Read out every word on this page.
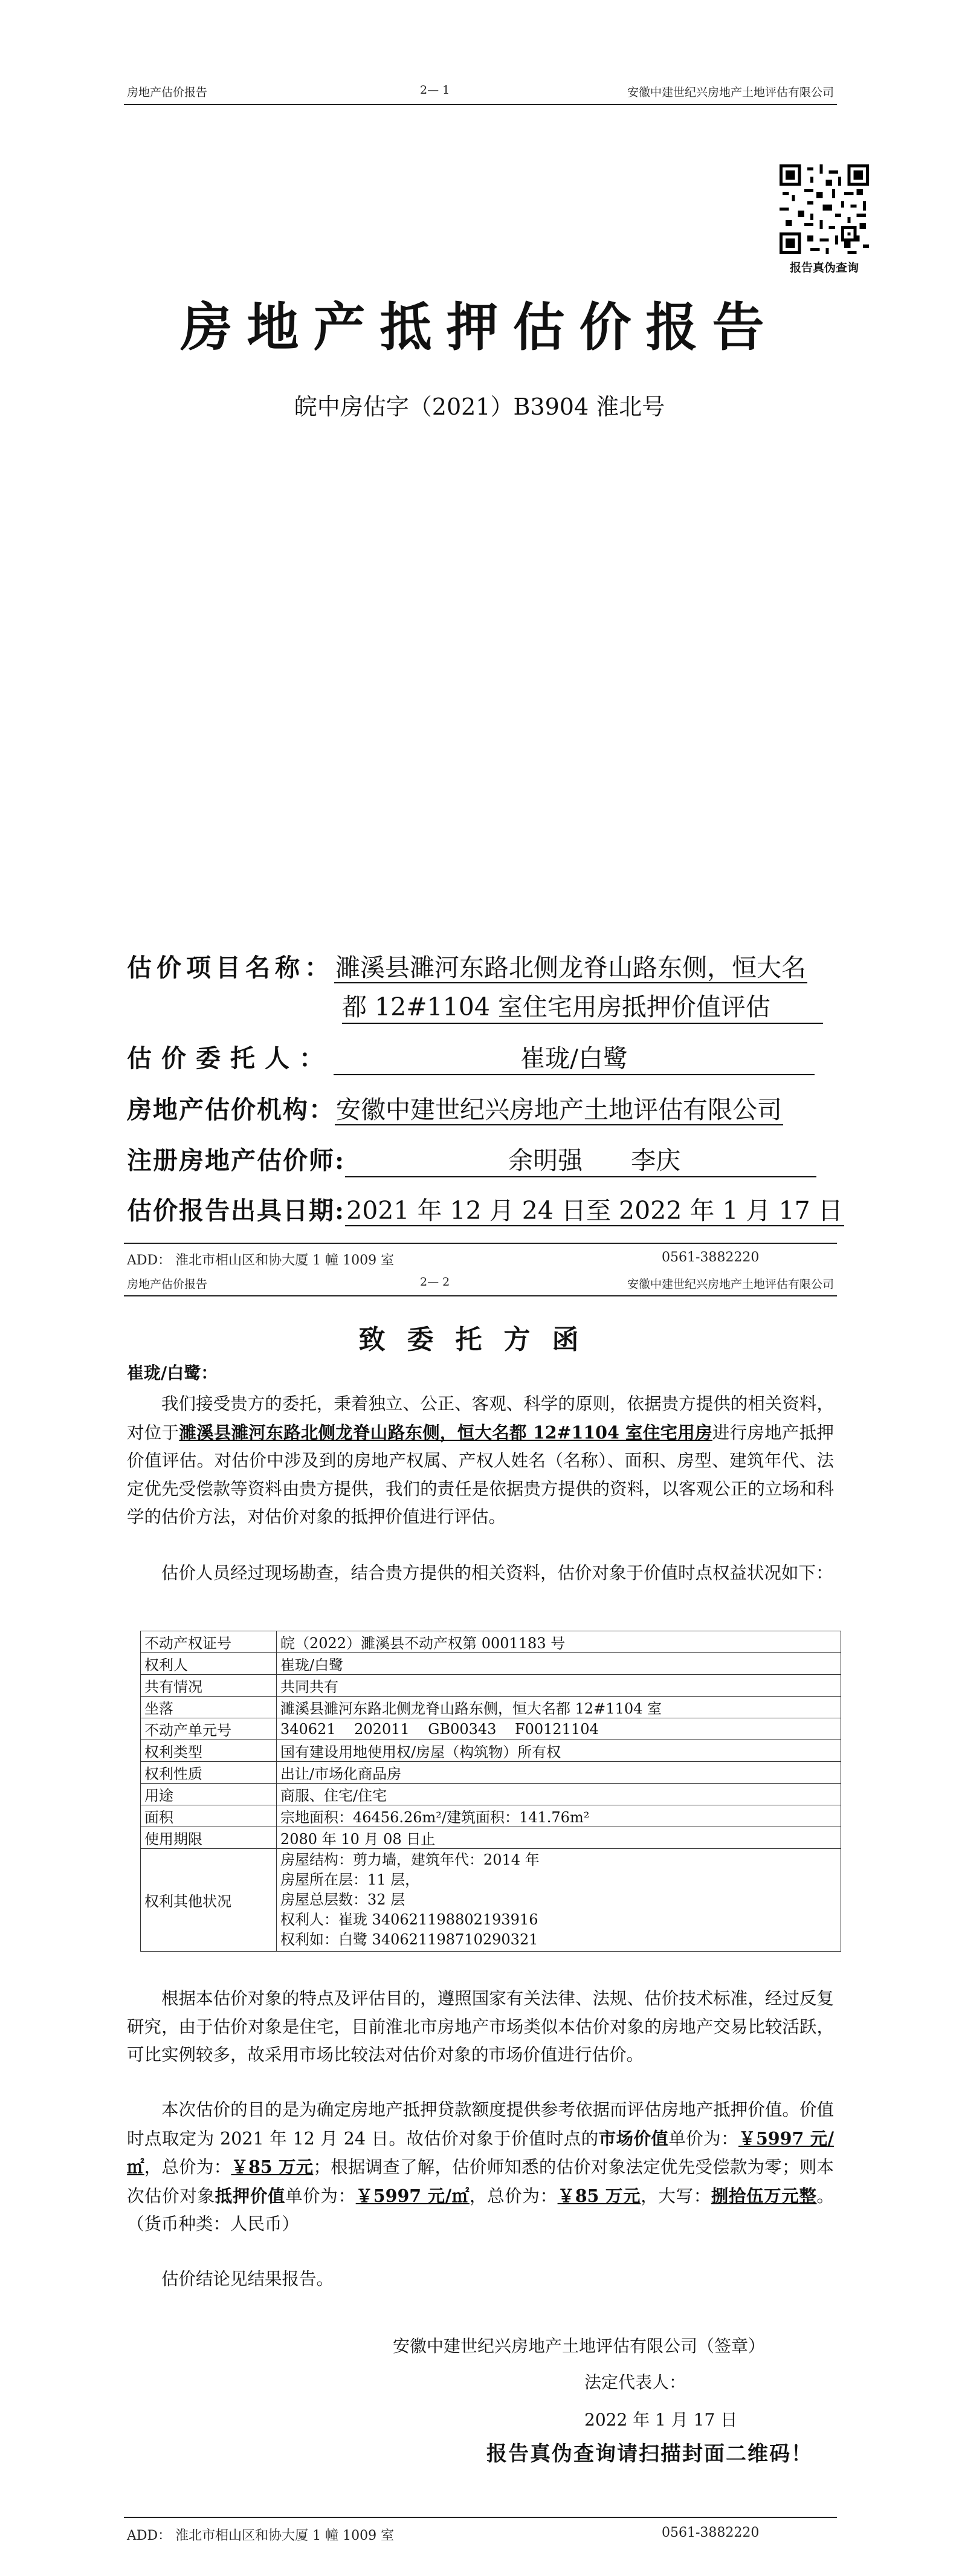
房地产估价报告	2— 1	安徽中建世纪兴房地产土地评估有限公司
报告真伪查询
房地产抵押估价报告
皖中房估字（2021）B3904 淮北号
估价项目名称：濉溪县濉河东路北侧龙脊山路东侧，恒大名
都 12#1104 室住宅用房抵押价值评估
估价委托人：	崔珑/白鹭
房地产估价机构：安徽中建世纪兴房地产土地评估有限公司
注册房地产估价师:	余明强 李庆
估价报告出具日期:2021 年 12 月 24 日至 2022 年 1 月 17 日
ADD： 淮北市相山区和协大厦 1 幢 1009 室	0561-3882220
房地产估价报告	2— 2	安徽中建世纪兴房地产土地评估有限公司
致委托方函
崔珑/白鹭：
我们接受贵方的委托，秉着独立、公正、客观、科学的原则，依据贵方提供的相关资料，对位于濉溪县濉河东路北侧龙脊山路东侧，恒大名都 12#1104 室住宅用房进行房地产抵押价值评估。对估价中涉及到的房地产权属、产权人姓名（名称）、面积、房型、建筑年代、法定优先受偿款等资料由贵方提供，我们的责任是依据贵方提供的资料，以客观公正的立场和科学的估价方法，对估价对象的抵押价值进行评估。
估价人员经过现场勘查，结合贵方提供的相关资料，估价对象于价值时点权益状况如下：
不动产权证号	皖（2022）濉溪县不动产权第 0001183 号
权利人	崔珑/白鹭
共有情况	共同共有
坐落	濉溪县濉河东路北侧龙脊山路东侧，恒大名都 12#1104 室
不动产单元号	340621    202011    GB00343    F00121104
权利类型	国有建设用地使用权/房屋（构筑物）所有权
权利性质	出让/市场化商品房
用途	商服、住宅/住宅
面积	宗地面积：46456.26m²/建筑面积：141.76m²
使用期限	2080 年 10 月 08 日止
权利其他状况	房屋结构：剪力墙，建筑年代：2014 年
房屋所在层：11 层，
房屋总层数：32 层
权利人：崔珑 340621198802193916
权利如：白鹭 340621198710290321
根据本估价对象的特点及评估目的，遵照国家有关法律、法规、估价技术标准，经过反复研究，由于估价对象是住宅，目前淮北市房地产市场类似本估价对象的房地产交易比较活跃，可比实例较多，故采用市场比较法对估价对象的市场价值进行估价。
本次估价的目的是为确定房地产抵押贷款额度提供参考依据而评估房地产抵押价值。价值时点取定为 2021 年 12 月 24 日。故估价对象于价值时点的市场价值单价为：￥5997 元/㎡，总价为：￥85 万元；根据调查了解，估价师知悉的估价对象法定优先受偿款为零；则本次估价对象抵押价值单价为：￥5997 元/㎡，总价为：￥85 万元，大写：捌拾伍万元整。（货币种类：人民币）
估价结论见结果报告。
安徽中建世纪兴房地产土地评估有限公司（签章）
法定代表人：
2022 年 1 月 17 日
报告真伪查询请扫描封面二维码！
ADD： 淮北市相山区和协大厦 1 幢 1009 室	0561-3882220
